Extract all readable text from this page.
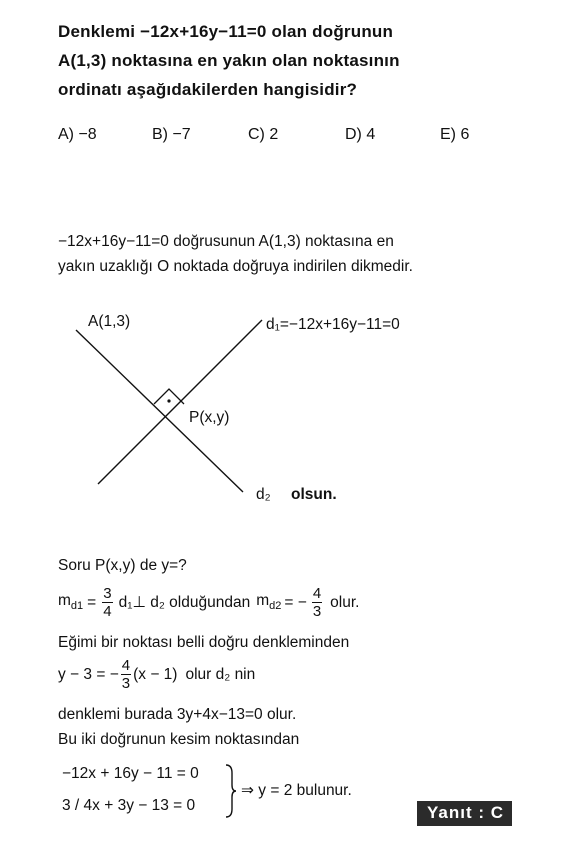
Denklemi −12x+16y−11=0 olan doğrunun
A(1,3) noktasına en yakın olan noktasının
ordinatı aşağıdakilerden hangisidir?
A) −8	B) −7	C) 2	D) 4	E) 6
−12x+16y−11=0 doğrusunun A(1,3) noktasına en
yakın uzaklığı O noktada doğruya indirilen dikmedir.
A(1,3)	d₁=−12x+16y−11=0
P(x,y)
d₂ olsun.
Soru P(x,y) de y=?
$m_{d1} = \frac{3}{4}$ d₁⊥ d₂ olduğundan $m_{d2}$ = − $\frac{4}{3}$ olur.
Eğimi bir noktası belli doğru denkleminden
y − 3 = − $\frac{4}{3} (x - 1)$ olur d₂ nin
denklemi burada 3y+4x−13=0 olur.
Bu iki doğrunun kesim noktasından
−12x + 16y − 11 = 0
3 / 4x + 3y − 13 = 0
⇒ y = 2 bulunur.
Yanıt : C
